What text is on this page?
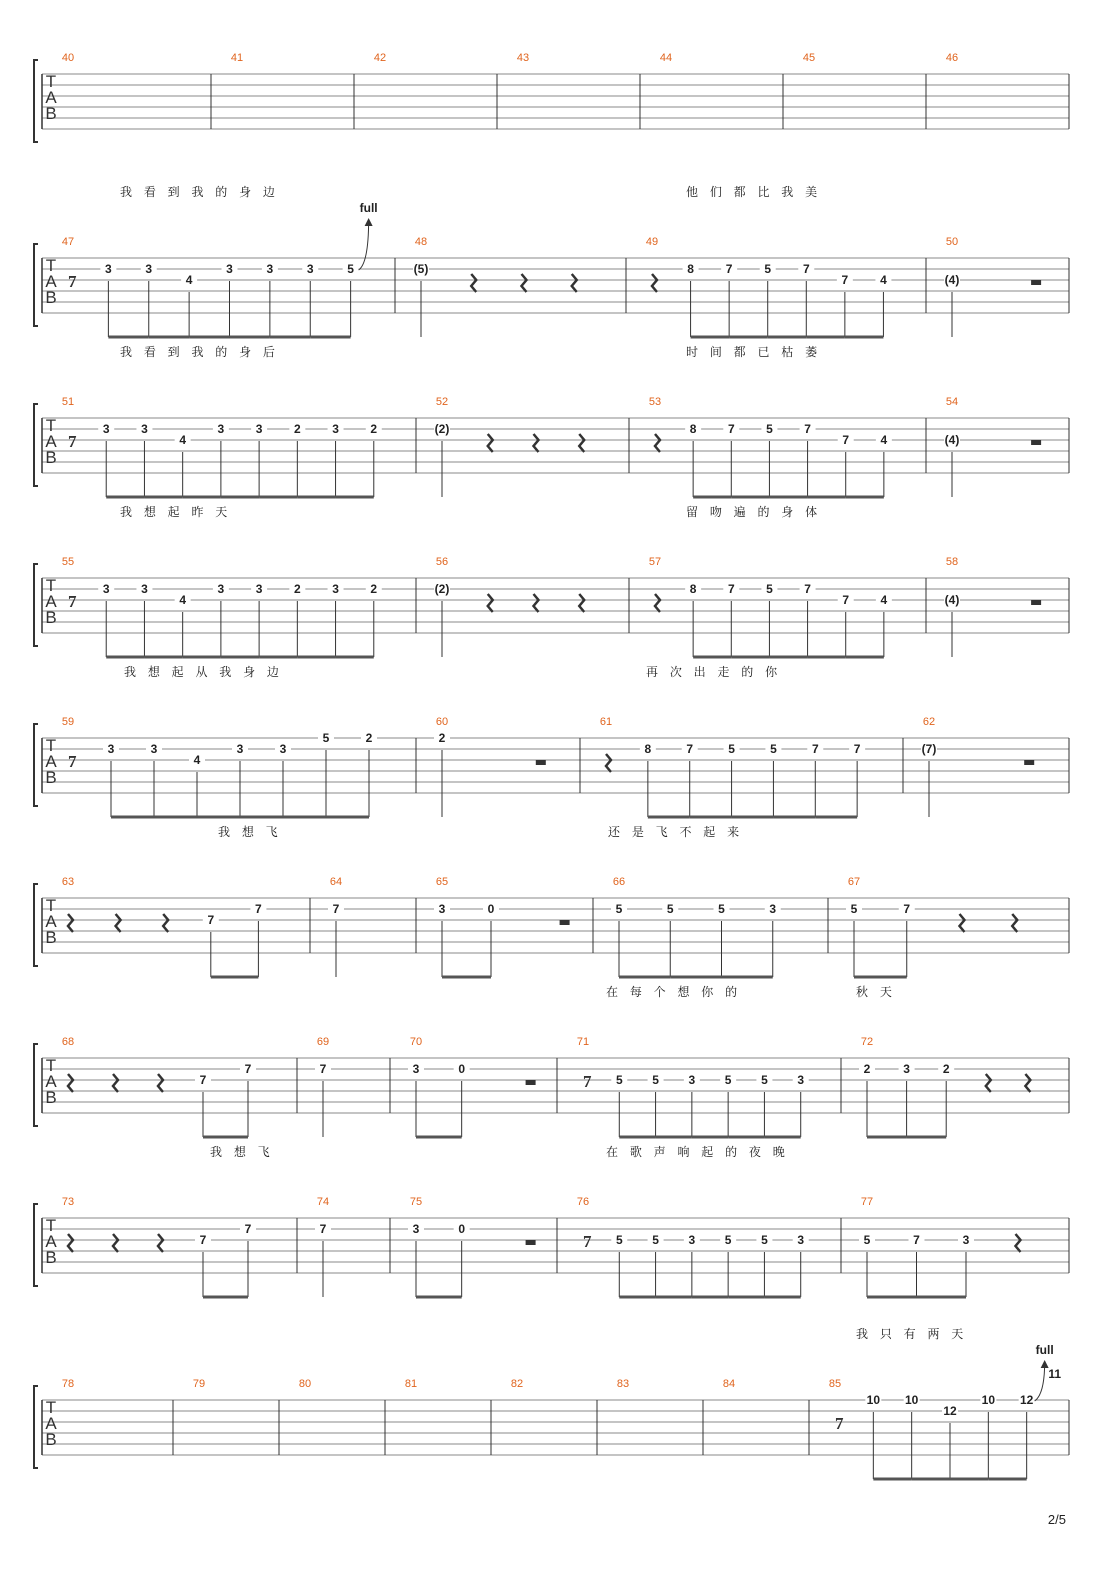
T
A
B
40	41	42	43	44	45	46
T
A
B
我 看 到 我 的 身 边	他 们 都 比 我 美
47
7
3	3
4
3	3	3	5
full
48
(5)
49
8	7	5	7
7	4
50
(4)
T
A
B
我 看 到 我 的 身 后	时 间 都 已 枯 萎
51
7
3	3
4
3	3	2	3	2
52
(2)
53
8	7	5	7
7	4
54
(4)
T
A
B
我 想 起 昨 天	留 吻 遍 的 身 体
55
7
3	3
4
3	3	2	3	2
56
(2)
57
8	7	5	7
7	4
58
(4)
T
A
B
我 想 起 从 我 身 边	再 次 出 走 的 你
59
7
3	3
4
3	3
5	2
60
2
61
8	7	5	5	7	7
62
(7)
T
A
B
我 想 飞	还 是 飞 不 起 来
63
7
7
64
7
65
3	0
66
5	5	5	3
67
5	7
T
A
B
在 每 个 想 你 的	秋 天
68
7
7
69
7
70
3	0
71
7 5 5 3 5 5 3
72
2	3	2
T
A
B
我 想 飞	在 歌 声 响 起 的 夜 晚
73
7
7
74
7
75
3	0
76
7 5 5 3 5 5 3
77
5	7	3
T
A
B
我 只 有 两 天
78	79	80	81	82	83	84	85
7
10 10
12
10 12
full
11
2/5
